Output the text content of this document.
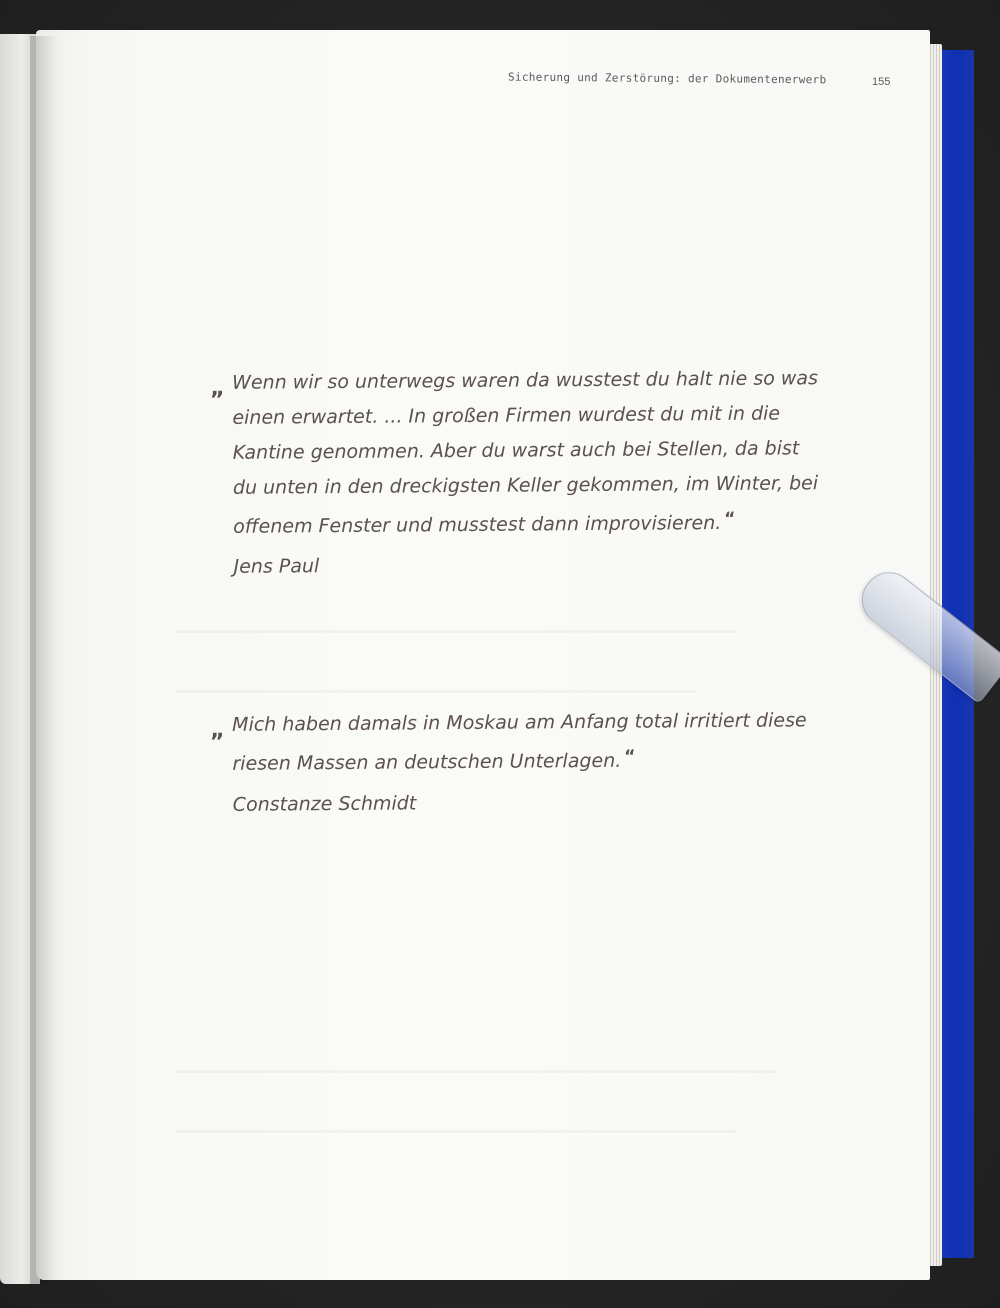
Sicherung und Zerstörung: der Dokumentenerwerb	155
„ Wenn wir so unterwegs waren da wusstest du halt nie so was
einen erwartet. ... In großen Firmen wurdest du mit in die
Kantine genommen. Aber du warst auch bei Stellen, da bist
du unten in den dreckigsten Keller gekommen, im Winter, bei
offenem Fenster und musstest dann improvisieren. “
Jens Paul
„ Mich haben damals in Moskau am Anfang total irritiert diese
riesen Massen an deutschen Unterlagen. “
Constanze Schmidt
